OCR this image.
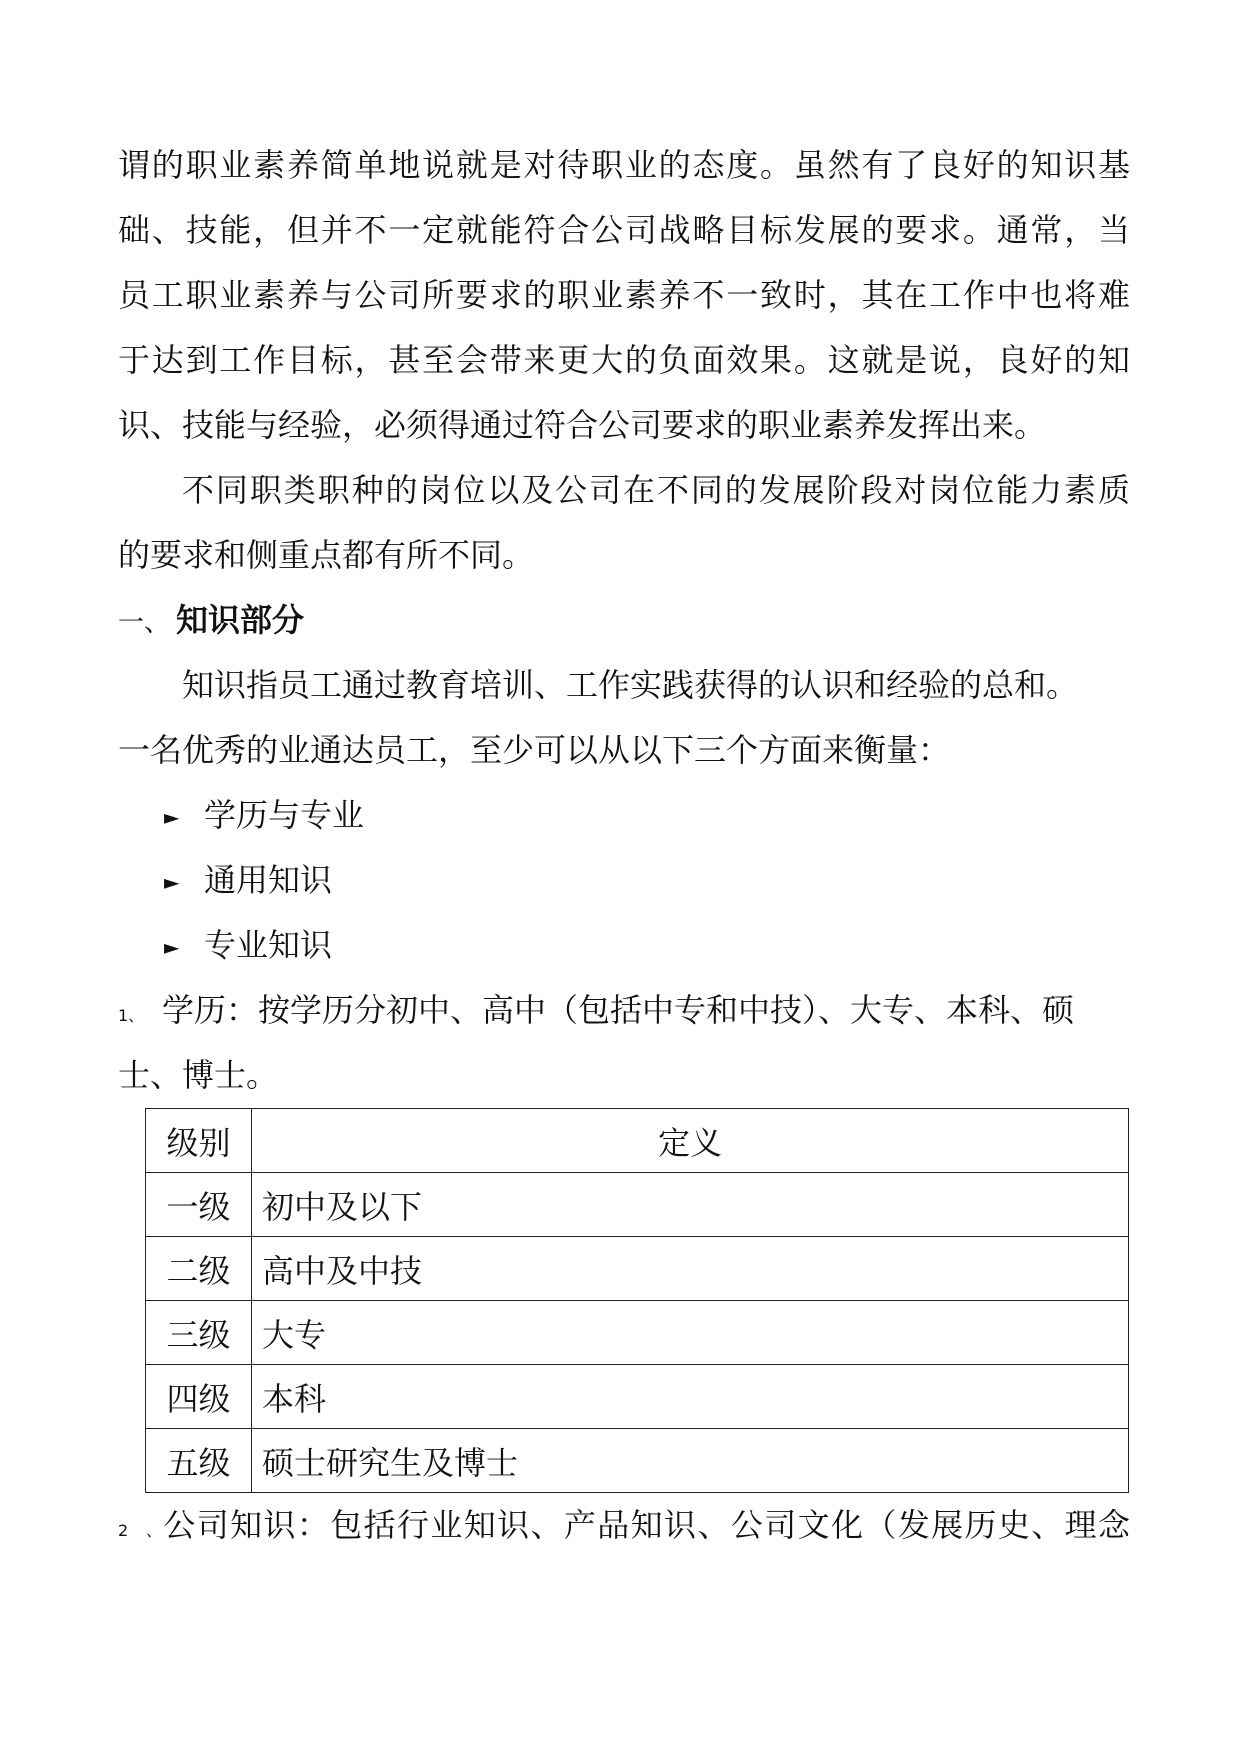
谓的职业素养简单地说就是对待职业的态度。虽然有了良好的知识基
础、技能，但并不一定就能符合公司战略目标发展的要求。通常，当
员工职业素养与公司所要求的职业素养不一致时，其在工作中也将难
于达到工作目标，甚至会带来更大的负面效果。这就是说，良好的知
识、技能与经验，必须得通过符合公司要求的职业素养发挥出来。
不同职类职种的岗位以及公司在不同的发展阶段对岗位能力素质
的要求和侧重点都有所不同。
一、 知识部分
知识指员工通过教育培训、工作实践获得的认识和经验的总和。
一名优秀的业通达员工，至少可以从以下三个方面来衡量：
► 学历与专业
► 通用知识
► 专业知识
1、 学历：按学历分初中、高中（包括中专和中技）、大专、本科、硕
士、博士。
级别	定义
一级	初中及以下
二级	高中及中技
三级	大专
四级	本科
五级	硕士研究生及博士
2、公司知识：包括行业知识、产品知识、公司文化（发展历史、理念
